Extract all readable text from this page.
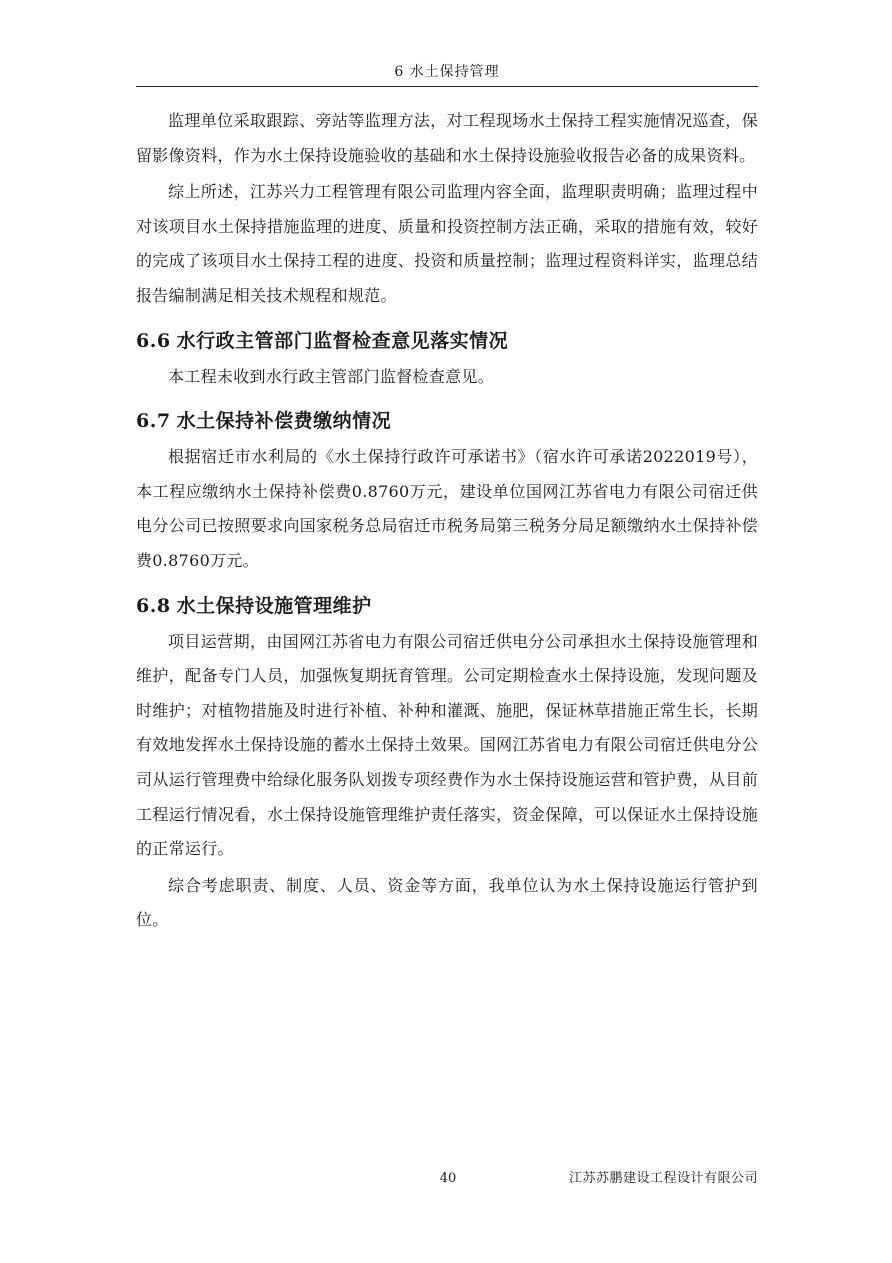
6 水土保持管理

监理单位采取跟踪、旁站等监理方法，对工程现场水土保持工程实施情况巡查，保留影像资料，作为水土保持设施验收的基础和水土保持设施验收报告必备的成果资料。

综上所述，江苏兴力工程管理有限公司监理内容全面，监理职责明确；监理过程中对该项目水土保持措施监理的进度、质量和投资控制方法正确，采取的措施有效，较好的完成了该项目水土保持工程的进度、投资和质量控制；监理过程资料详实，监理总结报告编制满足相关技术规程和规范。

6.6 水行政主管部门监督检查意见落实情况

本工程未收到水行政主管部门监督检查意见。

6.7 水土保持补偿费缴纳情况

根据宿迁市水利局的《水土保持行政许可承诺书》（宿水许可承诺2022019号），本工程应缴纳水土保持补偿费0.8760万元，建设单位国网江苏省电力有限公司宿迁供电分公司已按照要求向国家税务总局宿迁市税务局第三税务分局足额缴纳水土保持补偿费0.8760万元。

6.8 水土保持设施管理维护

项目运营期，由国网江苏省电力有限公司宿迁供电分公司承担水土保持设施管理和维护，配备专门人员，加强恢复期抚育管理。公司定期检查水土保持设施，发现问题及时维护；对植物措施及时进行补植、补种和灌溉、施肥，保证林草措施正常生长，长期有效地发挥水土保持设施的蓄水土保持土效果。国网江苏省电力有限公司宿迁供电分公司从运行管理费中给绿化服务队划拨专项经费作为水土保持设施运营和管护费，从目前工程运行情况看，水土保持设施管理维护责任落实，资金保障，可以保证水土保持设施的正常运行。

综合考虑职责、制度、人员、资金等方面，我单位认为水土保持设施运行管护到位。

40	江苏苏鹏建设工程设计有限公司
